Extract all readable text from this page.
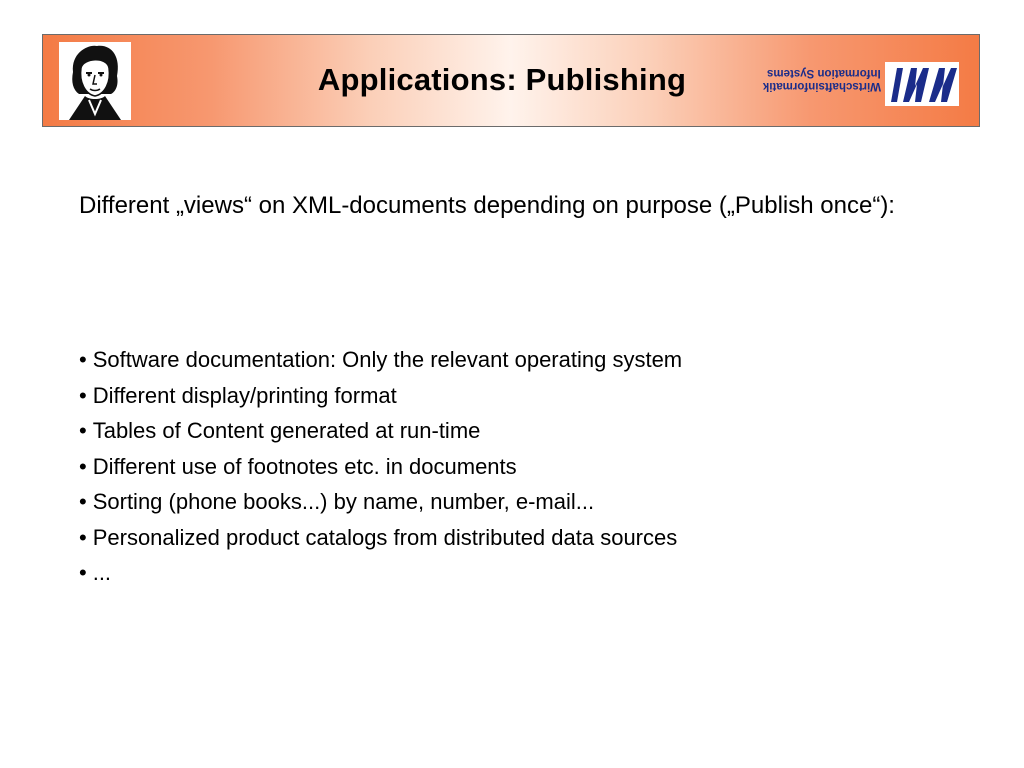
Applications: Publishing	Wirtschaftsinformatik
Information Systems
Different „views“ on XML-documents depending on purpose („Publish once“):
• Software documentation: Only the relevant operating system
• Different display/printing format
• Tables of Content generated at run-time
• Different use of footnotes etc. in documents
• Sorting (phone books...) by name, number, e-mail...
• Personalized product catalogs from distributed data sources
• ...
